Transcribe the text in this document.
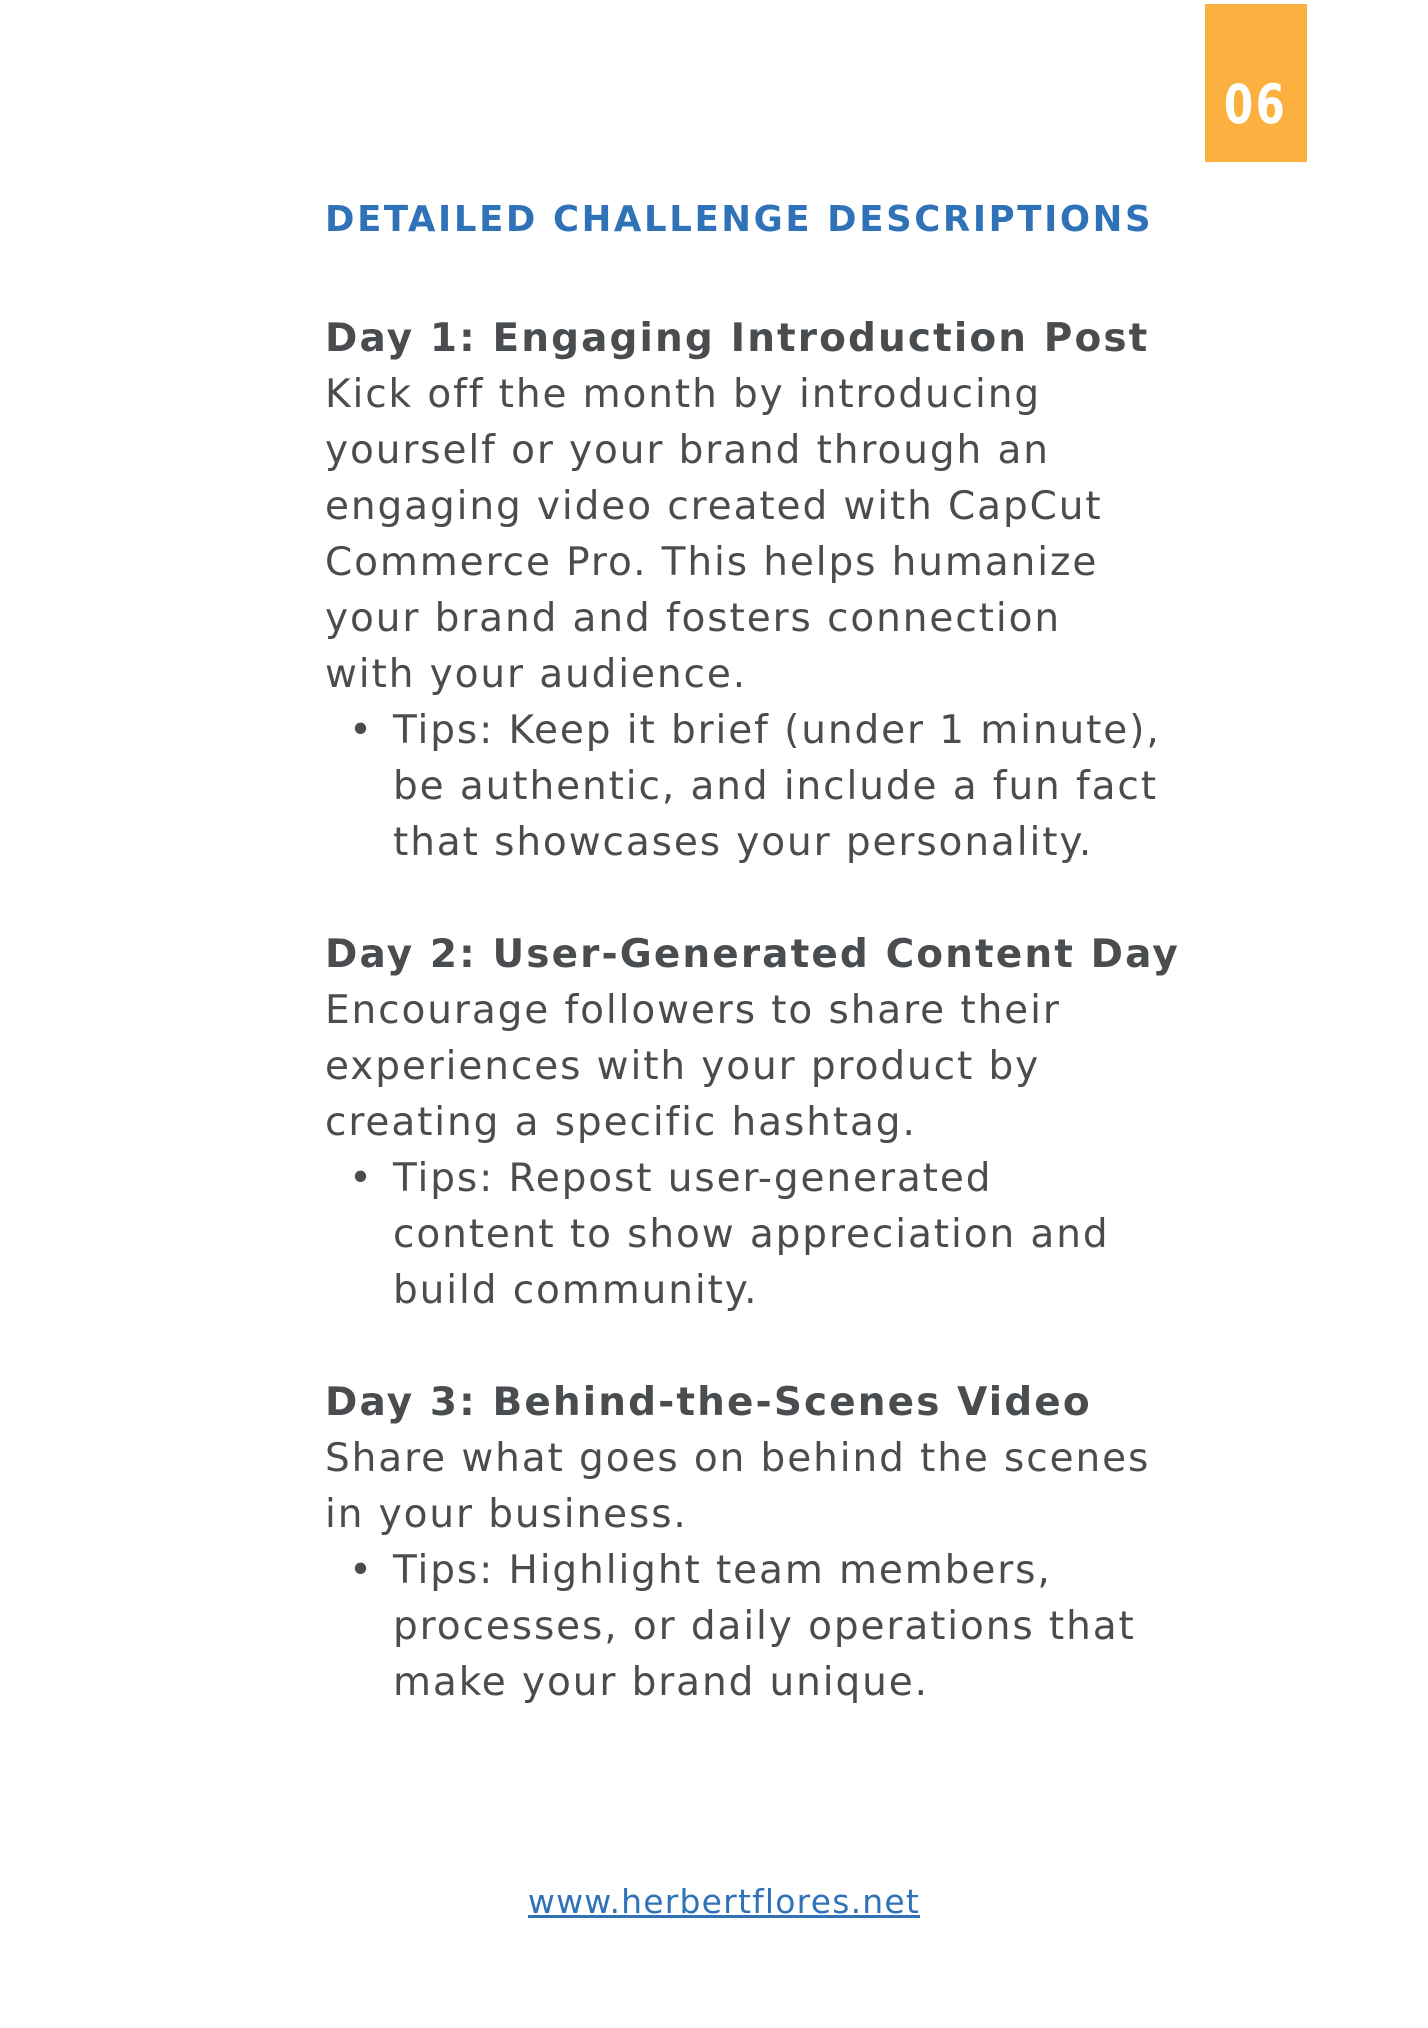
06
DETAILED CHALLENGE DESCRIPTIONS
Day 1: Engaging Introduction Post

Kick off the month by introducing yourself or your brand through an engaging video created with CapCut Commerce Pro. This helps humanize your brand and fosters connection with your audience.

• Tips: Keep it brief (under 1 minute), be authentic, and include a fun fact that showcases your personality.
Day 2: User-Generated Content Day

Encourage followers to share their experiences with your product by creating a specific hashtag.

• Tips: Repost user-generated content to show appreciation and build community.
Day 3: Behind-the-Scenes Video

Share what goes on behind the scenes in your business.

• Tips: Highlight team members, processes, or daily operations that make your brand unique.
www.herbertflores.net
